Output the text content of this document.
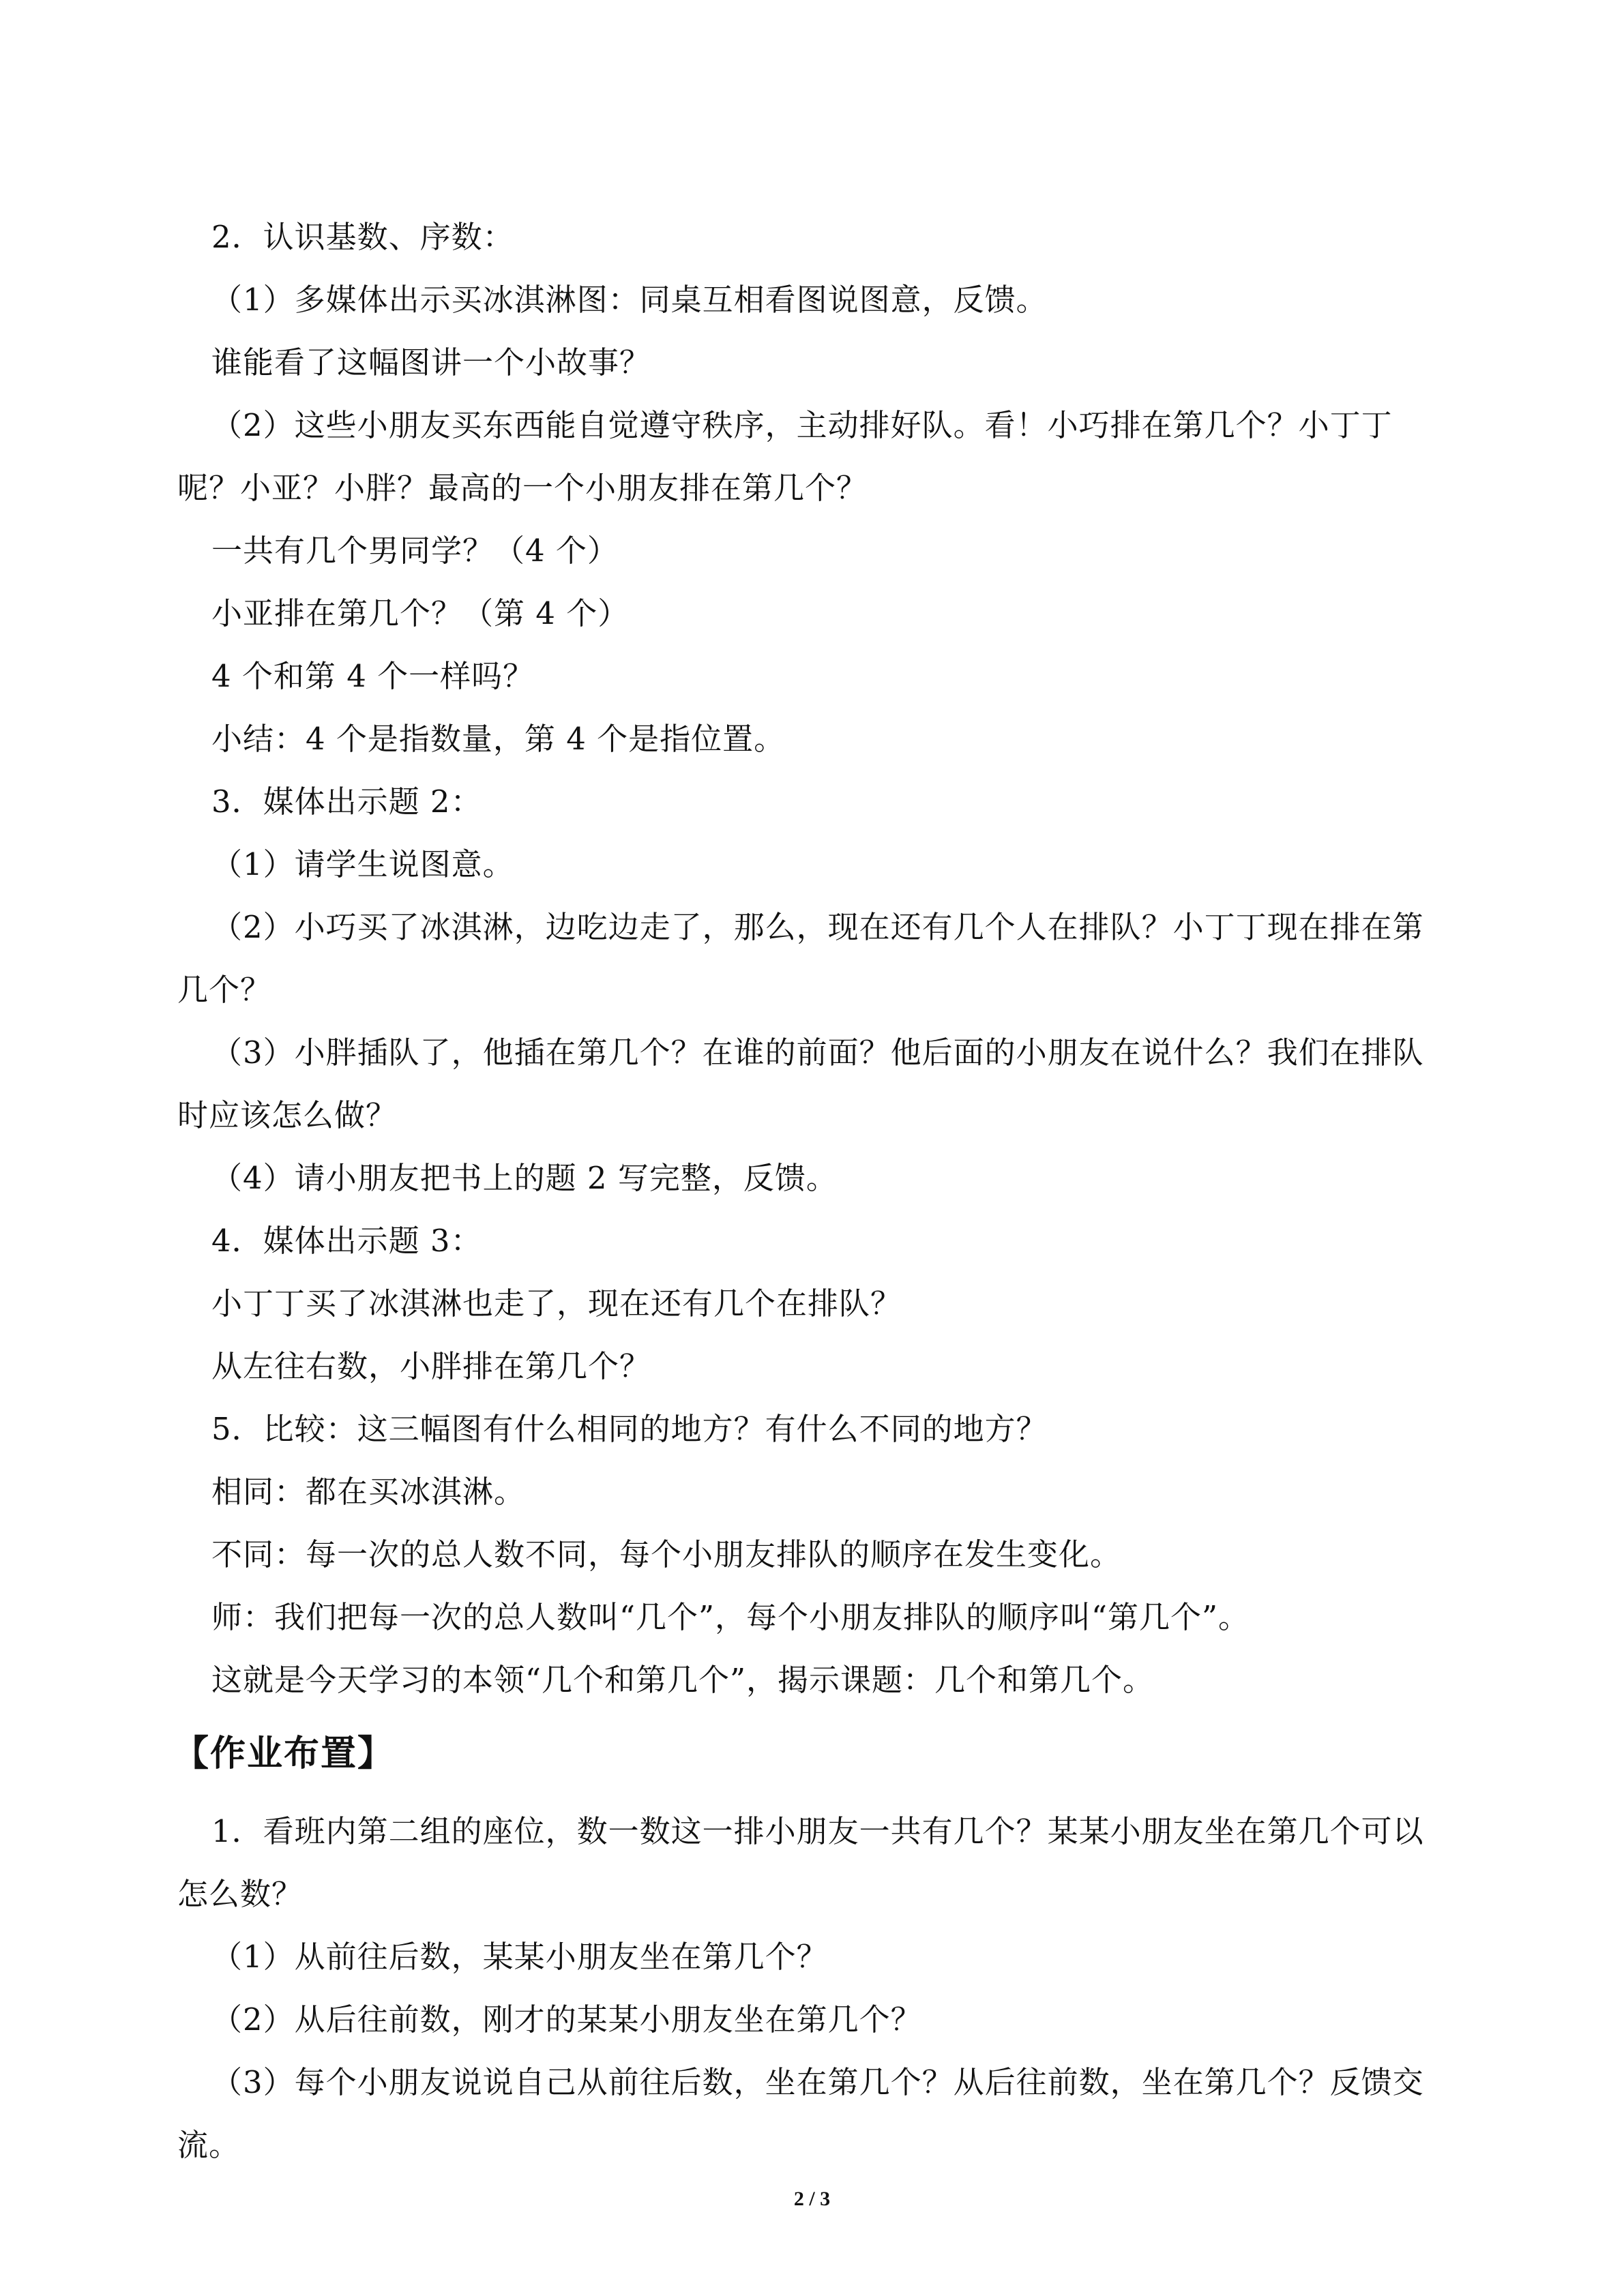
2．认识基数、序数：

（1）多媒体出示买冰淇淋图：同桌互相看图说图意，反馈。

谁能看了这幅图讲一个小故事？

（2）这些小朋友买东西能自觉遵守秩序，主动排好队。看！小巧排在第几个？小丁丁

呢？小亚？小胖？最高的一个小朋友排在第几个？

一共有几个男同学？（4 个）

小亚排在第几个？（第 4 个）

4 个和第 4 个一样吗？

小结：4 个是指数量，第 4 个是指位置。

3．媒体出示题 2：

（1）请学生说图意。

（2）小巧买了冰淇淋，边吃边走了，那么，现在还有几个人在排队？小丁丁现在排在第

几个？

（3）小胖插队了，他插在第几个？在谁的前面？他后面的小朋友在说什么？我们在排队

时应该怎么做？

（4）请小朋友把书上的题 2 写完整，反馈。

4．媒体出示题 3：

小丁丁买了冰淇淋也走了，现在还有几个在排队？

从左往右数，小胖排在第几个？

5．比较：这三幅图有什么相同的地方？有什么不同的地方？

相同：都在买冰淇淋。

不同：每一次的总人数不同，每个小朋友排队的顺序在发生变化。

师：我们把每一次的总人数叫“几个”，每个小朋友排队的顺序叫“第几个”。

这就是今天学习的本领“几个和第几个”，揭示课题：几个和第几个。

【作业布置】

1．看班内第二组的座位，数一数这一排小朋友一共有几个？某某小朋友坐在第几个可以

怎么数？

（1）从前往后数，某某小朋友坐在第几个？

（2）从后往前数，刚才的某某小朋友坐在第几个？

（3）每个小朋友说说自己从前往后数，坐在第几个？从后往前数，坐在第几个？反馈交

流。

2 / 3
